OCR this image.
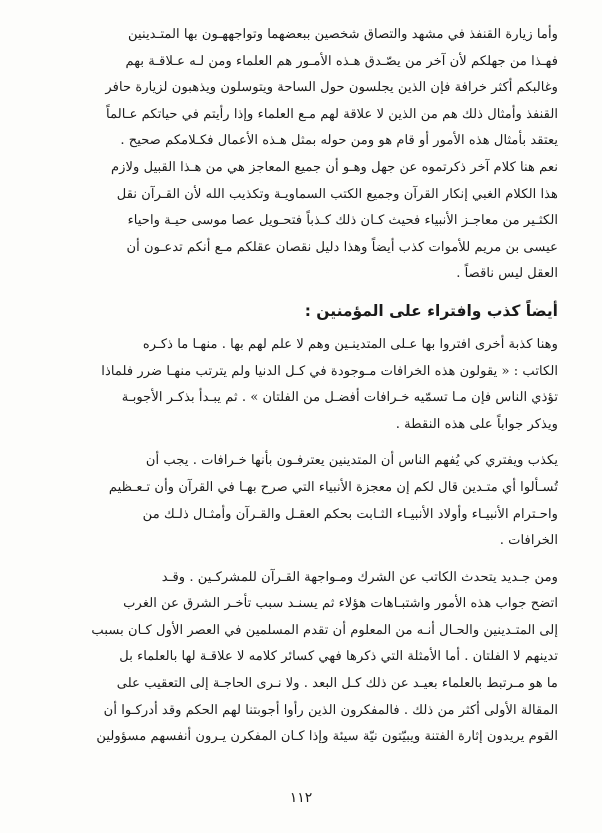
وأما زيارة القنفذ في مشهد والتصاق شخصين ببعضهما وتواجههـون بها المتـدينين
فهـذا من جهلكم لأن آخر من يصّـدق هـذه الأمـور هم العلماء ومن لـه عـلاقـة بهم
وغالبكم أكثر خرافة فإن الذين يجلسون حول الساحة ويتوسلون ويذهبون لزيارة حافر
القنفذ وأمثال ذلك هم من الذين لا علاقة لهم مـع العلماء وإذا رأيتم في حياتكم عـالماً
يعتقد بأمثال هذه الأمور أو قام هو ومن حوله بمثل هـذه الأعمال فكـلامكم صحيح .
نعم هنا كلام آخر ذكرتموه عن جهل وهـو أن جميع المعاجز هي من هـذا القبيل ولازم
هذا الكلام الغبي إنكار القرآن وجميع الكتب السماويـة وتكذيب الله لأن القـرآن نقل
الكثـير من معاجـز الأنبياء فحيث كـان ذلك كـذباً فتحـويل عصا موسى حيـة واحياء
عيسى بن مريم للأموات كذب أيضاً وهذا دليل نقصان عقلكم مـع أنكم تدعـون أن
العقل ليس ناقصاً .
أيضاً كذب وافتراء على المؤمنين :
وهنا كذبة أخرى افتروا بها عـلى المتدينـين وهم لا علم لهم بها . منهـا ما ذكـره
الكاتب : « يقولون هذه الخرافات مـوجودة في كـل الدنيا ولم يترتب منهـا ضرر فلماذا
تؤذي الناس فإن مـا تسمّيه خـرافات أفضـل من الفلتان » . ثم يبـدأ بذكـر الأجوبـة
ويذكر جواباً على هذه النقطة .
يكذب ويفتري كي يُفهم الناس أن المتدينين يعترفـون بأنها خـرافات . يجب أن
تُسـألوا أي متـدين قال لكم إن معجزة الأنبياء التي صرح بهـا في القرآن وأن تـعـظيم
واحـترام الأنبيـاء وأولاد الأنبيـاء الثـابت بحكم العقـل والقـرآن وأمثـال ذلـك من
الخرافات .
ومن جـديد يتحدث الكاتب عن الشرك ومـواجهة القـرآن للمشركـين . وقـد
اتضح جواب هذه الأمور واشتبـاهات هؤلاء ثم يسنـد سبب تأخـر الشرق عن الغرب
إلى المتـدينين والحـال أنـه من المعلوم أن تقدم المسلمين في العصر الأول كـان بسبب
تدينهم لا الفلتان . أما الأمثلة التي ذكرها فهي كسائر كلامه لا علاقـة لها بالعلماء بل
ما هو مـرتبط بالعلماء بعيـد عن ذلك كـل البعد . ولا نـرى الحاجـة إلى التعقيب على
المقالة الأولى أكثر من ذلك . فالمفكرون الذين رأوا أجوبتنا لهم الحكم وقد أدركـوا أن
القوم يريدون إثارة الفتنة ويبيّتون نيّة سيئة وإذا كـان المفكرن يـرون أنفسهم مسؤولين
١١٢
